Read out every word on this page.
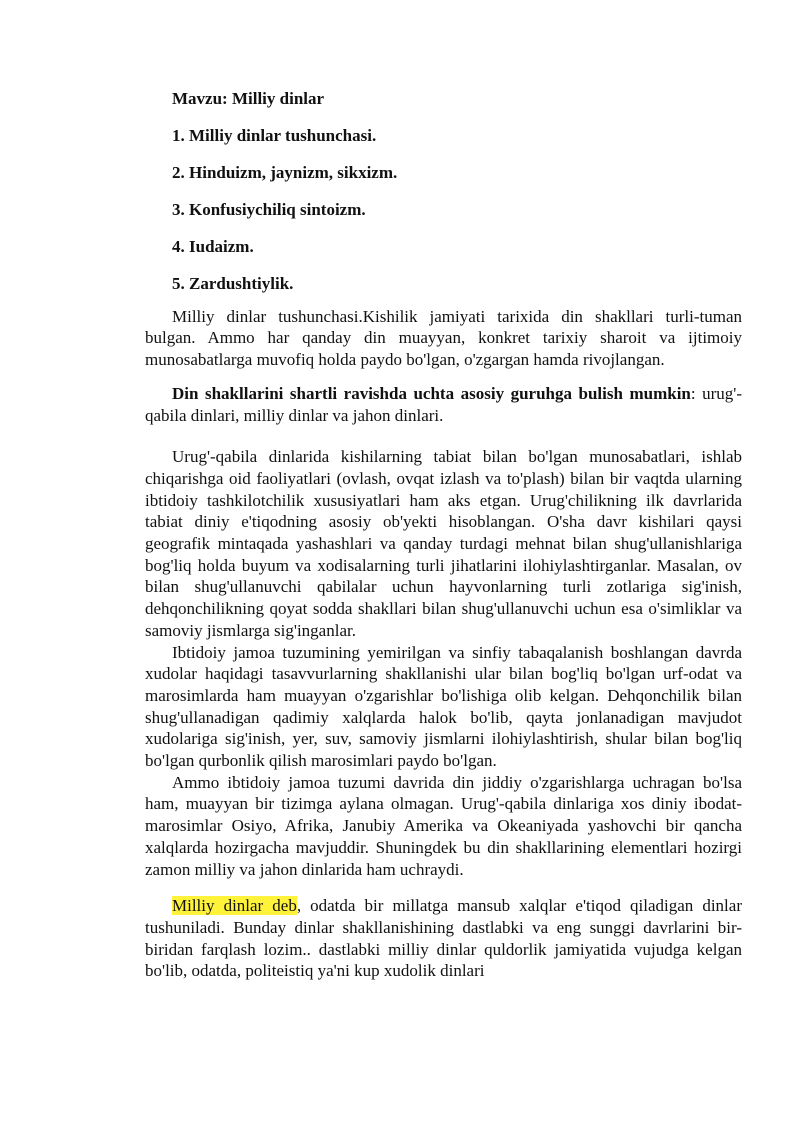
Mavzu: Milliy dinlar

1. Milliy dinlar tushunchasi.

2. Hinduizm, jaynizm, sikxizm.

3. Konfusiychiliq sintoizm.

4. Iudaizm.

5. Zardushtiylik.

Milliy dinlar tushunchasi.Kishilik jamiyati tarixida din shakllari turli-tuman bulgan. Ammo har qanday din muayyan, konkret tarixiy sharoit va ijtimoiy munosabatlarga muvofiq holda paydo bo'lgan, o'zgargan hamda rivojlangan.

Din shakllarini shartli ravishda uchta asosiy guruhga bulish mumkin: urug'-qabila dinlari, milliy dinlar va jahon dinlari.

Urug'-qabila dinlarida kishilarning tabiat bilan bo'lgan munosabatlari, ishlab chiqarishga oid faoliyatlari (ovlash, ovqat izlash va to'plash) bilan bir vaqtda ularning ibtidoiy tashkilotchilik xususiyatlari ham aks etgan. Urug'chilikning ilk davrlarida tabiat diniy e'tiqodning asosiy ob'yekti hisoblangan. O'sha davr kishilari qaysi geografik mintaqada yashashlari va qanday turdagi mehnat bilan shug'ullanishlariga bog'liq holda buyum va xodisalarning turli jihatlarini ilohiylashtirganlar. Masalan, ov bilan shug'ullanuvchi qabilalar uchun hayvonlarning turli zotlariga sig'inish, dehqonchilikning qoyat sodda shakllari bilan shug'ullanuvchi uchun esa o'simliklar va samoviy jismlarga sig'inganlar.

Ibtidoiy jamoa tuzumining yemirilgan va sinfiy tabaqalanish boshlangan davrda xudolar haqidagi tasavvurlarning shakllanishi ular bilan bog'liq bo'lgan urf-odat va marosimlarda ham muayyan o'zgarishlar bo'lishiga olib kelgan. Dehqonchilik bilan shug'ullanadigan qadimiy xalqlarda halok bo'lib, qayta jonlanadigan mavjudot xudolariga sig'inish, yer, suv, samoviy jismlarni ilohiylashtirish, shular bilan bog'liq bo'lgan qurbonlik qilish marosimlari paydo bo'lgan.

Ammo ibtidoiy jamoa tuzumi davrida din jiddiy o'zgarishlarga uchragan bo'lsa ham, muayyan bir tizimga aylana olmagan. Urug'-qabila dinlariga xos diniy ibodat-marosimlar Osiyo, Afrika, Janubiy Amerika va Okeaniyada yashovchi bir qancha xalqlarda hozirgacha mavjuddir. Shuningdek bu din shakllarining elementlari hozirgi zamon milliy va jahon dinlarida ham uchraydi.

Milliy dinlar deb, odatda bir millatga mansub xalqlar e'tiqod qiladigan dinlar tushuniladi. Bunday dinlar shakllanishining dastlabki va eng sunggi davrlarini bir-biridan farqlash lozim.. dastlabki milliy dinlar quldorlik jamiyatida vujudga kelgan bo'lib, odatda, politeistiq ya'ni kup xudolik dinlari
